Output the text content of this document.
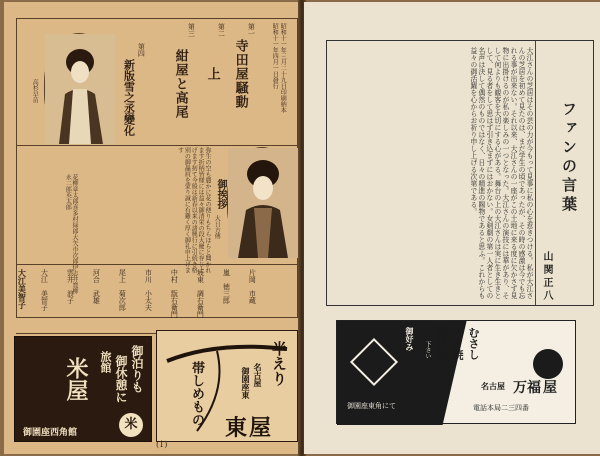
昭和十一年三月二十九日印刷納本
昭和十一年四月一日發行
第一
寺田屋騒動
第二
上
第三
紺屋と高尾
第四
新版雪之丞變化
高杉早苗
大日方傳
御挨拶
弥生の空も麗かに花の便りもちらほらと聞かれます折柄皆様には益々御清栄の段大慶に存じ上げます扨て今般は新春以来の諸興行に引続き格別の御贔屓を蒙り誠に有難く厚く御礼申上げます
花柳章太郎喜多村緑郎大矢市次郎伊志井寛柳永二郎英太郎
大江美智子 大江　美智子	雲井　浪子	河合　武雄	尾上　菊次郎	市川　小太夫	中村　翫右衛門	坂東　調右衛門	嵐　徳三郎	片岡　市蔵
旅館
米屋	御泊りも
御休憩に
御園座西角館
米	帯しめもの	半えり
名古屋
御園座東
東屋
(1)
大江さんの芝居はその芸の力が今もって見事に私の心を惹きつける。私が大江さんの芝居を初めて見たのは、まだ学生の頃であったが、その時の感激は今でも忘れる事が出来ない。それ以来、大江さんの一座がこの土地に来る度に欠かさず見物に出掛けるのが私の楽しみの一つとなった。大江さんの演技には華があり、そして何よりも観客を大切にする心がある。舞台の上の大江さんは実に生き生きとして、見る者をして思はず引き込まずにはおかない。女剣劇の第一人者としての名声は決して偶然のものではなく、日々の精進の賜物であると思ふ。これからも益々の御活躍を心からお祈り申し上げる次第である。	ファンの言葉
山関正八
御好み	むさし
バタ焼
御料理
下さい
名古屋 万福 屋
御園座東角にて	電話本局二三四番
